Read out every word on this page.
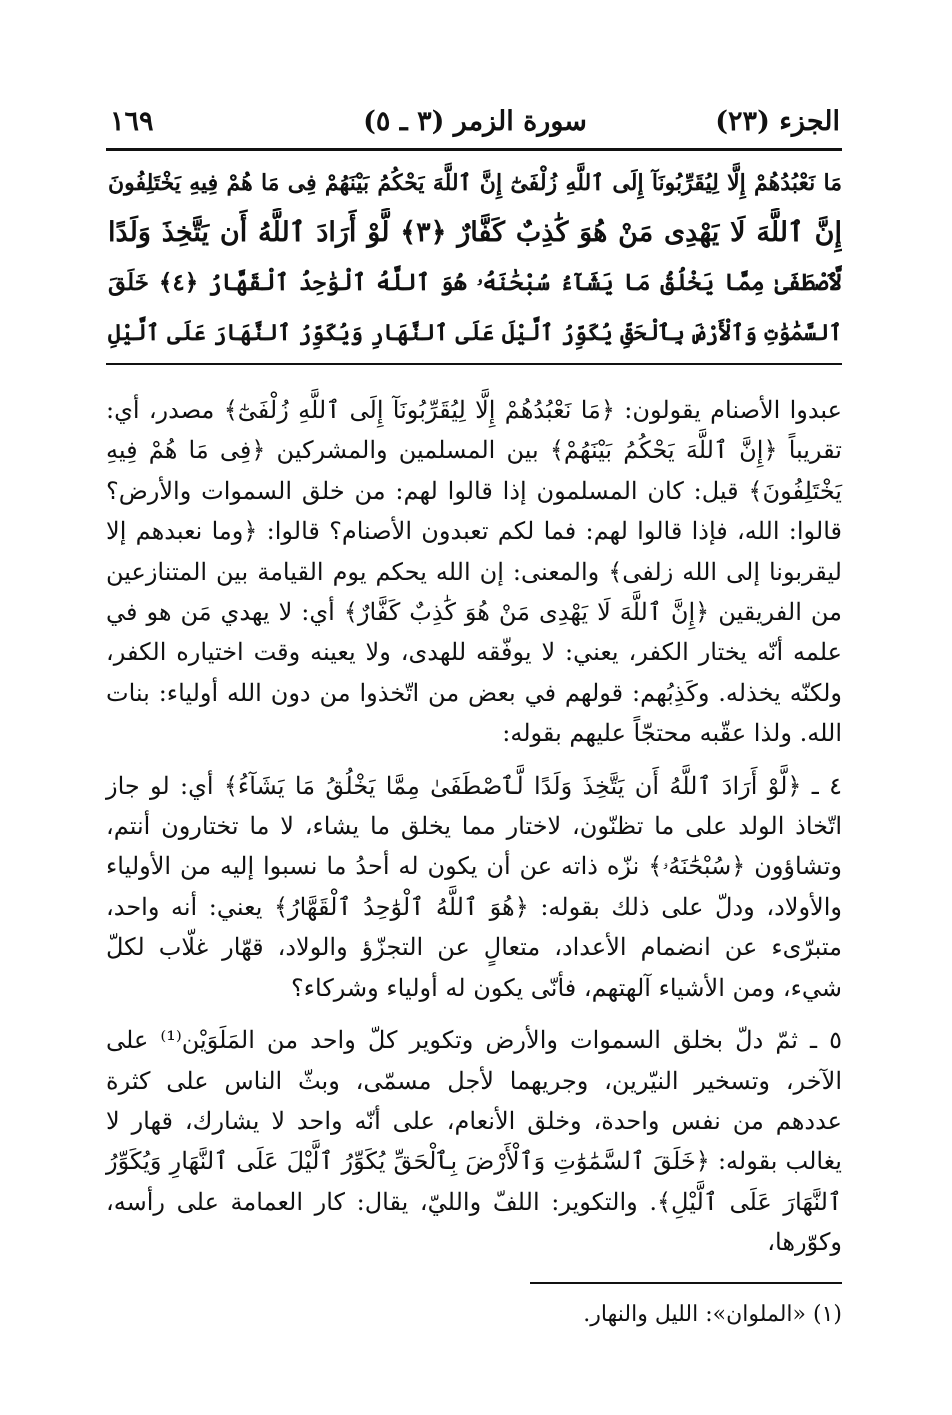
الجزء (٢٣)
سورة الزمر (٣ ـ ٥)
١٦٩
مَا نَعْبُدُهُمْ إِلَّا لِيُقَرِّبُونَآ إِلَى ٱللَّهِ زُلْفَىٰٓ إِنَّ ٱللَّهَ يَحْكُمُ بَيْنَهُمْ فِى مَا هُمْ فِيهِ يَخْتَلِفُونَ
إِنَّ ٱللَّهَ لَا يَهْدِى مَنْ هُوَ كَٰذِبٌ كَفَّارٌ ﴿٣﴾ لَّوْ أَرَادَ ٱللَّهُ أَن يَتَّخِذَ وَلَدًا
لَّٱصْطَفَىٰ مِمَّا يَخْلُقُ مَا يَشَآءُ سُبْحَٰنَهُۥ هُوَ ٱللَّهُ ٱلْوَٰحِدُ ٱلْقَهَّارُ ﴿٤﴾ خَلَقَ
ٱلسَّمَٰوَٰتِ وَٱلْأَرْضَ بِٱلْحَقِّ يُكَوِّرُ ٱلَّيْلَ عَلَى ٱلنَّهَارِ وَيُكَوِّرُ ٱلنَّهَارَ عَلَى ٱلَّيْلِ

عبدوا الأصنام يقولون: ﴿مَا نَعْبُدُهُمْ إِلَّا لِيُقَرِّبُونَآ إِلَى ٱللَّهِ زُلْفَىٰٓ﴾ مصدر، أي: تقريباً ﴿إِنَّ ٱللَّهَ يَحْكُمُ بَيْنَهُمْ﴾ بين المسلمين والمشركين ﴿فِى مَا هُمْ فِيهِ يَخْتَلِفُونَ﴾ قيل: كان المسلمون إذا قالوا لهم: من خلق السموات والأرض؟ قالوا: الله، فإذا قالوا لهم: فما لكم تعبدون الأصنام؟ قالوا: ﴿وما نعبدهم إلا ليقربونا إلى الله زلفى﴾ والمعنى: إن الله يحكم يوم القيامة بين المتنازعين من الفريقين ﴿إِنَّ ٱللَّهَ لَا يَهْدِى مَنْ هُوَ كَٰذِبٌ كَفَّارٌ﴾ أي: لا يهدي مَن هو في علمه أنّه يختار الكفر، يعني: لا يوفّقه للهدى، ولا يعينه وقت اختياره الكفر، ولكنّه يخذله. وكَذِبُهم: قولهم في بعض من اتّخذوا من دون الله أولياء: بنات الله. ولذا عقّبه محتجّاً عليهم بقوله:

٤ ـ ﴿لَّوْ أَرَادَ ٱللَّهُ أَن يَتَّخِذَ وَلَدًا لَّٱصْطَفَىٰ مِمَّا يَخْلُقُ مَا يَشَآءُ﴾ أي: لو جاز اتّخاذ الولد على ما تظنّون، لاختار مما يخلق ما يشاء، لا ما تختارون أنتم، وتشاؤون ﴿سُبْحَٰنَهُۥ﴾ نزّه ذاته عن أن يكون له أحدُ ما نسبوا إليه من الأولياء والأولاد، ودلّ على ذلك بقوله: ﴿هُوَ ٱللَّهُ ٱلْوَٰحِدُ ٱلْقَهَّارُ﴾ يعني: أنه واحد، متبرّىء عن انضمام الأعداد، متعالٍ عن التجزّؤ والولاد، قهّار غلّاب لكلّ شيء، ومن الأشياء آلهتهم، فأنّى يكون له أولياء وشركاء؟

٥ ـ ثمّ دلّ بخلق السموات والأرض وتكوير كلّ واحد من المَلَوَيْن⁽¹⁾ على الآخر، وتسخير النيّرين، وجريهما لأجل مسمّى، وبثّ الناس على كثرة عددهم من نفس واحدة، وخلق الأنعام، على أنّه واحد لا يشارك، قهار لا يغالب بقوله: ﴿خَلَقَ ٱلسَّمَٰوَٰتِ وَٱلْأَرْضَ بِٱلْحَقِّ يُكَوِّرُ ٱلَّيْلَ عَلَى ٱلنَّهَارِ وَيُكَوِّرُ ٱلنَّهَارَ عَلَى ٱلَّيْلِ﴾. والتكوير: اللفّ والليّ، يقال: كار العمامة على رأسه، وكوّرها،

(١) «الملوان»: الليل والنهار.
